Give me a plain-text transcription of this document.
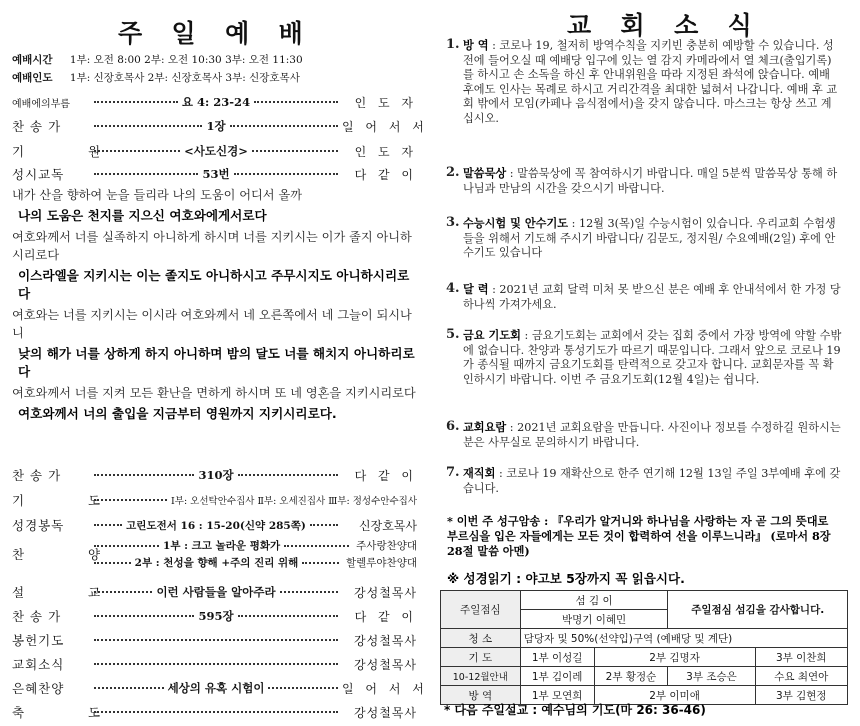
주  일  예  배
예배시간 1부: 오전 8:00 2부: 오전 10:30 3부: 오전 11:30
예배인도 1부: 신장호목사 2부: 신장호목사 3부: 신장호목사
예배에의부름	요 4: 23-24	인 도 자
찬 송 가	1장	일 어 서 서
기 원	<사도신경>	인 도 자
성시교독	53번	다 같 이

내가 산을 향하여 눈을 들리라 나의 도움이 어디서 올까

나의 도움은 천지를 지으신 여호와에게서로다

여호와께서 너를 실족하지 아니하게 하시며 너를 지키시는 이가 졸지 아니하시리로다

이스라엘을 지키시는 이는 졸지도 아니하시고 주무시지도 아니하시리로다

여호와는 너를 지키시는 이시라 여호와께서 네 오른쪽에서 네 그늘이 되시나니

낮의 해가 너를 상하게 하지 아니하며 밤의 달도 너를 해치지 아니하리로다

여호와께서 너를 지켜 모든 환난을 면하게 하시며 또 네 영혼을 지키시리로다

여호와께서 너의 출입을 지금부터 영원까지 지키시리로다.

찬 송 가	310장	다 같 이
기 도	Ⅰ부: 오선탁안수집사 Ⅱ부: 오세진집사 Ⅲ부: 정성수안수집사
성경봉독	고린도전서 16 : 15-20(신약 285쪽)	신장호목사
찬 양
1부 : 크고 놀라운 평화가	주사랑찬양대
2부 : 천성을 향해 +주의 진리 위해	할렐루야찬양대
설 교 이런 사람들을 알아주라	강성철목사
찬 송 가	595장	다 같 이
봉헌기도	강성철목사
교회소식	강성철목사
은혜찬양	세상의 유혹 시험이	일 어 서 서
축 도	강성철목사
교  회  소  식
1. 방 역 : 코로나 19, 철저히 방역수칙을 지키빈 충분히 예방할 수 있습니다. 성전에 들어오실 때 예배당 입구에 있는 열 감지 카메라에서 열 체크(출입기록)를 하시고 손 소독을 하신 후 안내위원을 따라 지정된 좌석에 앉습니다. 예배 후에도 인사는 목례로 하시고 거리간격을 최대한 넓혀서 나갑니다. 예배 후 교회 밖에서 모임(카페나 음식점에서)을 갖지 않습니다. 마스크는 항상 쓰고 계십시오.
2. 말씀묵상 : 말씀묵상에 꼭 참여하시기 바랍니다. 매일 5분씩 말씀묵상 통해 하나님과 만남의 시간을 갖으시기 바랍니다.
3. 수능시험 및 안수기도 : 12월 3(목)일 수능시험이 있습니다. 우리교회 수험생들을 위해서 기도해 주시기 바랍니다/ 김문도, 정지원/ 수요예배(2일) 후에 안수기도 있습니다
4. 달 력 : 2021년 교회 달력 미처 못 받으신 분은 예배 후 안내석에서 한 가정 당 하나씩 가져가세요.
5. 금요 기도회 : 금요기도회는 교회에서 갖는 집회 중에서 가장 방역에 약할 수밖에 없습니다. 찬양과 통성기도가 따르기 때문입니다. 그래서 앞으로 코로나 19가 종식될 때까지 금요기도회를 탄력적으로 갖고자 합니다. 교회문자를 꼭 확인하시기 바랍니다. 이번 주 금요기도회(12월 4일)는 쉽니다.
6. 교회요람 : 2021년 교회요람을 만듭니다. 사진이나 정보를 수정하길 원하시는 분은 사무실로 문의하시기 바랍니다.
7. 재직회 : 코로나 19 재확산으로 한주 연기해 12월 13일 주일 3부예배 후에 갖습니다.
* 이번 주 성구암송 : 『우리가 알거니와 하나님을 사랑하는 자 곧 그의 뜻대로 부르심을 입은 자들에게는 모든 것이 합력하여 선을 이루느니라』 (로마서 8장 28절 말씀 아멘)
※ 성경읽기 : 야고보 5장까지 꼭 읽읍시다.
주일점심	섬 김 이		주일점심 섬김을 감사합니다.	
	박명기 이혜민			
청 소	담당자 및 50%(선약입)구역 (예배당 및 계단)			
기 도	1부 이성길	2부 김명자		3부 이찬희
10-12월안내	1부 김이레	2부 황정순	3부 조승은	수요 최연아
방 역	1부 모연희	2부 이미애		3부 김현정
* 다음 주일설교 : 예수님의 기도(마 26: 36-46)
